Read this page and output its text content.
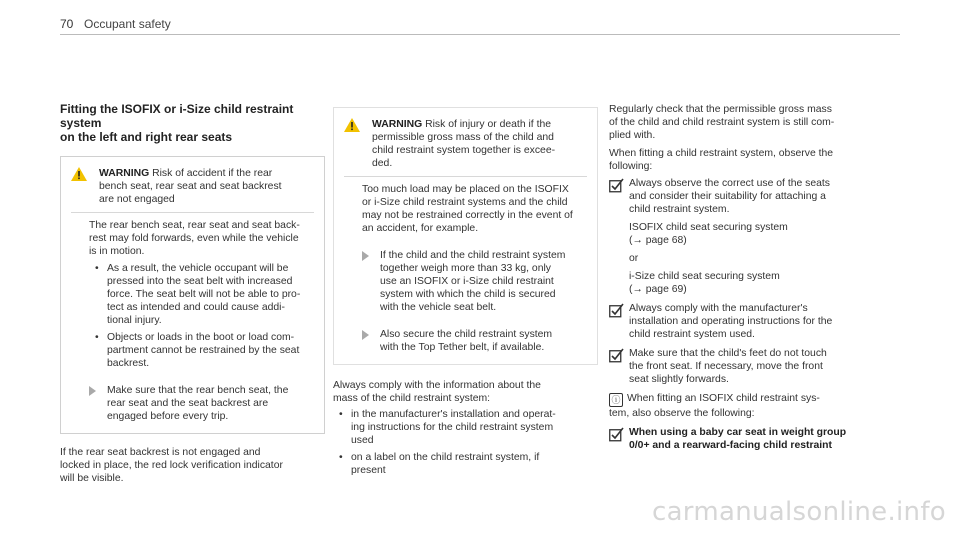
70 Occupant safety
Fitting the ISOFIX or i-Size child restraint system
on the left and right rear seats
WARNING Risk of accident if the rear
bench seat, rear seat and seat backrest
are not engaged
The rear bench seat, rear seat and seat back-
rest may fold forwards, even while the vehicle
is in motion.
• As a result, the vehicle occupant will be
pressed into the seat belt with increased
force. The seat belt will not be able to pro-
tect as intended and could cause addi-
tional injury.
• Objects or loads in the boot or load com-
partment cannot be restrained by the seat
backrest.
Make sure that the rear bench seat, the
rear seat and the seat backrest are
engaged before every trip.
If the rear seat backrest is not engaged and
locked in place, the red lock verification indicator
will be visible.
WARNING Risk of injury or death if the
permissible gross mass of the child and
child restraint system together is excee-
ded.
Too much load may be placed on the ISOFIX
or i-Size child restraint systems and the child
may not be restrained correctly in the event of
an accident, for example.
If the child and the child restraint system
together weigh more than 33 kg, only
use an ISOFIX or i-Size child restraint
system with which the child is secured
with the vehicle seat belt.
Also secure the child restraint system
with the Top Tether belt, if available.
Always comply with the information about the
mass of the child restraint system:
• in the manufacturer's installation and operat-
ing instructions for the child restraint system
used
• on a label on the child restraint system, if
present
Regularly check that the permissible gross mass
of the child and child restraint system is still com-
plied with.
When fitting a child restraint system, observe the
following:
Always observe the correct use of the seats
and consider their suitability for attaching a
child restraint system.
ISOFIX child seat securing system
(→ page 68)
or
i-Size child seat securing system
(→ page 69)
Always comply with the manufacturer's
installation and operating instructions for the
child restraint system used.
Make sure that the child's feet do not touch
the front seat. If necessary, move the front
seat slightly forwards.
ⓘ When fitting an ISOFIX child restraint sys-
tem, also observe the following:
When using a baby car seat in weight group
0/0+ and a rearward-facing child restraint
carmanualsonline.info
